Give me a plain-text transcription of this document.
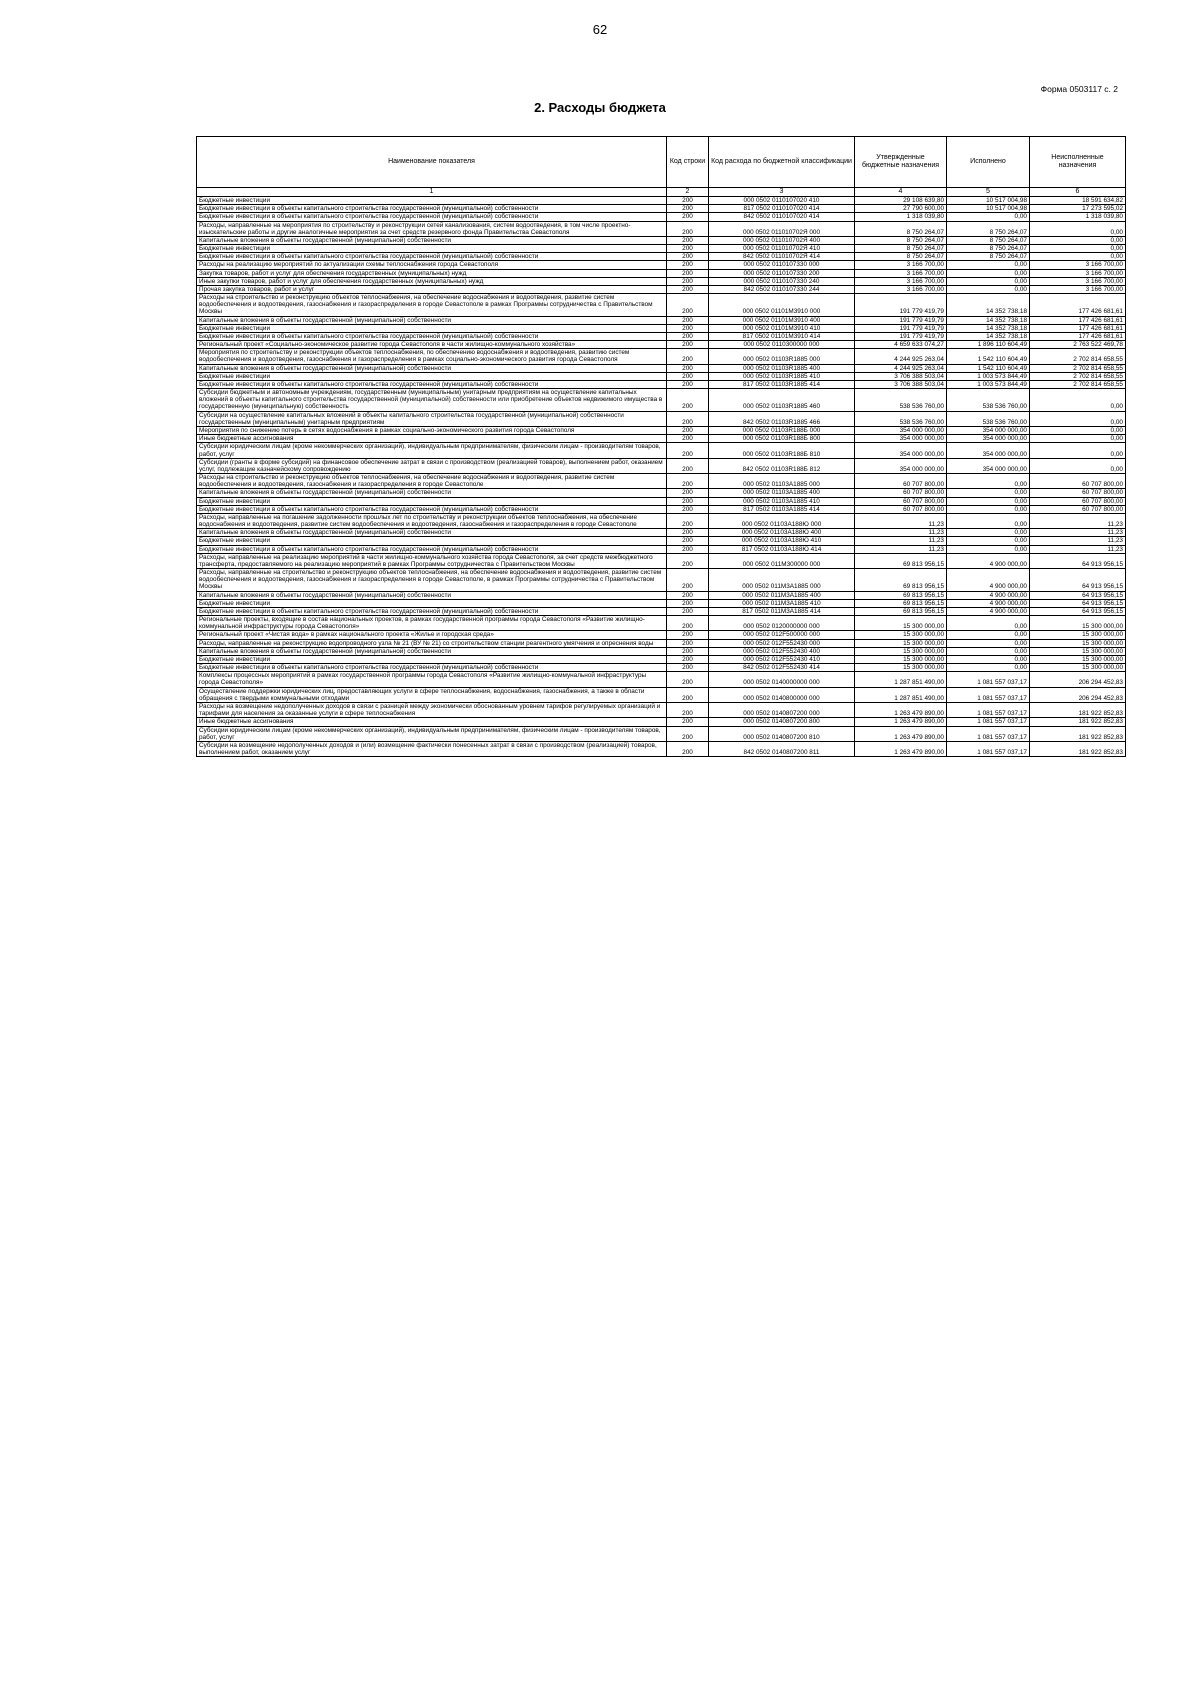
62
Форма 0503117 с. 2
2. Расходы бюджета
Наименование показателя	Код строки	Код расхода по бюджетной классификации	Утвержденные бюджетные назначения	Исполнено	Неисполненные назначения
1	2	3	4	5	6
Бюджетные инвестиции	200	000 0502 0110107020 410	29 108 639,80	10 517 004,98	18 591 634,82
Бюджетные инвестиции в объекты капитального строительства государственной (муниципальной) собственности	200	817 0502 0110107020 414	27 790 600,00	10 517 004,98	17 273 595,02
Бюджетные инвестиции в объекты капитального строительства государственной (муниципальной) собственности	200	842 0502 0110107020 414	1 318 039,80	0,00	1 318 039,80
Расходы, направленные на мероприятия по строительству и реконструкции сетей канализования, систем водоотведения, в том числе проектно-изыскательские работы и другие аналогичные мероприятия за счет средств резервного фонда Правительства Севастополя	200	000 0502 011010702Я 000	8 750 264,07	8 750 264,07	0,00
Капитальные вложения в объекты государственной (муниципальной) собственности	200	000 0502 011010702Я 400	8 750 264,07	8 750 264,07	0,00
Бюджетные инвестиции	200	000 0502 011010702Я 410	8 750 264,07	8 750 264,07	0,00
Бюджетные инвестиции в объекты капитального строительства государственной (муниципальной) собственности	200	842 0502 011010702Я 414	8 750 264,07	8 750 264,07	0,00
Расходы на реализацию мероприятий по актуализации схемы теплоснабжения города Севастополя	200	000 0502 0110107330 000	3 166 700,00	0,00	3 166 700,00
Закупка товаров, работ и услуг для обеспечения государственных (муниципальных) нужд	200	000 0502 0110107330 200	3 166 700,00	0,00	3 166 700,00
Иные закупки товаров, работ и услуг для обеспечения государственных (муниципальных) нужд	200	000 0502 0110107330 240	3 166 700,00	0,00	3 166 700,00
Прочая закупка товаров, работ и услуг	200	842 0502 0110107330 244	3 166 700,00	0,00	3 166 700,00
Расходы на строительство и реконструкцию объектов теплоснабжения, на обеспечение водоснабжения и водоотведения, развитие систем водообеспечения и водоотведения, газоснабжения и газораспределения в городе Севастополе в рамках Программы сотрудничества с Правительством Москвы	200	000 0502 01101М3910 000	191 779 419,79	14 352 738,18	177 426 681,61
Капитальные вложения в объекты государственной (муниципальной) собственности	200	000 0502 01101М3910 400	191 779 419,79	14 352 738,18	177 426 681,61
Бюджетные инвестиции	200	000 0502 01101М3910 410	191 779 419,79	14 352 738,18	177 426 681,61
Бюджетные инвестиции в объекты капитального строительства государственной (муниципальной) собственности	200	817 0502 01101М3910 414	191 779 419,79	14 352 738,18	177 426 681,61
Региональный проект «Социально-экономическое развитие города Севастополя в части жилищно-коммунального хозяйства»	200	000 0502 0110300000 000	4 659 633 074,27	1 896 110 604,49	2 763 522 469,78
Мероприятия по строительству и реконструкции объектов теплоснабжения, по обеспечению водоснабжения и водоотведения, развитию систем водообеспечения и водоотведения, газоснабжения и газораспределения в рамках социально-экономического развития города Севастополя	200	000 0502 01103R1885 000	4 244 925 263,04	1 542 110 604,49	2 702 814 658,55
Капитальные вложения в объекты государственной (муниципальной) собственности	200	000 0502 01103R1885 400	4 244 925 263,04	1 542 110 604,49	2 702 814 658,55
Бюджетные инвестиции	200	000 0502 01103R1885 410	3 706 388 503,04	1 003 573 844,49	2 702 814 658,55
Бюджетные инвестиции в объекты капитального строительства государственной (муниципальной) собственности	200	817 0502 01103R1885 414	3 706 388 503,04	1 003 573 844,49	2 702 814 658,55
Субсидии бюджетным и автономным учреждениям, государственным (муниципальным) унитарным предприятиям на осуществление капитальных вложений в объекты капитального строительства государственной (муниципальной) собственности или приобретение объектов недвижимого имущества в государственную (муниципальную) собственность	200	000 0502 01103R1885 460	538 536 760,00	538 536 760,00	0,00
Субсидии на осуществление капитальных вложений в объекты капитального строительства государственной (муниципальной) собственности государственным (муниципальным) унитарным предприятиям	200	842 0502 01103R1885 466	538 536 760,00	538 536 760,00	0,00
Мероприятия по снижению потерь в сетях водоснабжения в рамках социально-экономического развития города Севастополя	200	000 0502 01103R188Б 000	354 000 000,00	354 000 000,00	0,00
Иные бюджетные ассигнования	200	000 0502 01103R188Б 800	354 000 000,00	354 000 000,00	0,00
Субсидии юридическим лицам (кроме некоммерческих организаций), индивидуальным предпринимателям, физическим лицам - производителям товаров, работ, услуг	200	000 0502 01103R188Б 810	354 000 000,00	354 000 000,00	0,00
Субсидии (гранты в форме субсидий) на финансовое обеспечение затрат в связи с производством (реализацией товаров), выполнением работ, оказанием услуг, подлежащие казначейскому сопровождению	200	842 0502 01103R188Б 812	354 000 000,00	354 000 000,00	0,00
Расходы на строительство и реконструкцию объектов теплоснабжения, на обеспечение водоснабжения и водоотведения, развитие систем водообеспечения и водоотведения, газоснабжения и газораспределения в городе Севастополе	200	000 0502 01103A1885 000	60 707 800,00	0,00	60 707 800,00
Капитальные вложения в объекты государственной (муниципальной) собственности	200	000 0502 01103A1885 400	60 707 800,00	0,00	60 707 800,00
Бюджетные инвестиции	200	000 0502 01103A1885 410	60 707 800,00	0,00	60 707 800,00
Бюджетные инвестиции в объекты капитального строительства государственной (муниципальной) собственности	200	817 0502 01103A1885 414	60 707 800,00	0,00	60 707 800,00
Расходы, направленные на погашение задолженности прошлых лет по строительству и реконструкции объектов теплоснабжения, на обеспечение водоснабжения и водоотведения, развитие систем водообеспечения и водоотведения, газоснабжения и газораспределения в городе Севастополе	200	000 0502 01103A188Ю 000	11,23	0,00	11,23
Капитальные вложения в объекты государственной (муниципальной) собственности	200	000 0502 01103A188Ю 400	11,23	0,00	11,23
Бюджетные инвестиции	200	000 0502 01103A188Ю 410	11,23	0,00	11,23
Бюджетные инвестиции в объекты капитального строительства государственной (муниципальной) собственности	200	817 0502 01103A188Ю 414	11,23	0,00	11,23
Расходы, направленные на реализацию мероприятий в части жилищно-коммунального хозяйства города Севастополя, за счет средств межбюджетного трансферта, предоставляемого на реализацию мероприятий в рамках Программы сотрудничества с Правительством Москвы	200	000 0502 011М300000 000	69 813 956,15	4 900 000,00	64 913 956,15
Расходы, направленные на строительство и реконструкцию объектов теплоснабжения, на обеспечение водоснабжения и водоотведения, развитие систем водообеспечения и водоотведения, газоснабжения и газораспределения в городе Севастополе, в рамках Программы сотрудничества с Правительством Москвы	200	000 0502 011М3А1885 000	69 813 956,15	4 900 000,00	64 913 956,15
Капитальные вложения в объекты государственной (муниципальной) собственности	200	000 0502 011М3А1885 400	69 813 956,15	4 900 000,00	64 913 956,15
Бюджетные инвестиции	200	000 0502 011М3А1885 410	69 813 956,15	4 900 000,00	64 913 956,15
Бюджетные инвестиции в объекты капитального строительства государственной (муниципальной) собственности	200	817 0502 011М3А1885 414	69 813 956,15	4 900 000,00	64 913 956,15
Региональные проекты, входящие в состав национальных проектов, в рамках государственной программы города Севастополя «Развитие жилищно-коммунальной инфраструктуры города Севастополя»	200	000 0502 0120000000 000	15 300 000,00	0,00	15 300 000,00
Региональный проект «Чистая вода» в рамках национального проекта «Жилье и городская среда»	200	000 0502 012F500000 000	15 300 000,00	0,00	15 300 000,00
Расходы, направленные на реконструкцию водопроводного узла № 21 (ВУ № 21) со строительством станции реагентного умягчения и опреснения воды	200	000 0502 012F552430 000	15 300 000,00	0,00	15 300 000,00
Капитальные вложения в объекты государственной (муниципальной) собственности	200	000 0502 012F552430 400	15 300 000,00	0,00	15 300 000,00
Бюджетные инвестиции	200	000 0502 012F552430 410	15 300 000,00	0,00	15 300 000,00
Бюджетные инвестиции в объекты капитального строительства государственной (муниципальной) собственности	200	842 0502 012F552430 414	15 300 000,00	0,00	15 300 000,00
Комплексы процессных мероприятий в рамках государственной программы города Севастополя «Развитие жилищно-коммунальной инфраструктуры города Севастополя»	200	000 0502 0140000000 000	1 287 851 490,00	1 081 557 037,17	206 294 452,83
Осуществление поддержки юридических лиц, предоставляющих услуги в сфере теплоснабжения, водоснабжения, газоснабжения, а также в области обращения с твердыми коммунальными отходами	200	000 0502 0140800000 000	1 287 851 490,00	1 081 557 037,17	206 294 452,83
Расходы на возмещение недополученных доходов в связи с разницей между экономически обоснованным уровнем тарифов регулируемых организаций и тарифами для населения за оказанные услуги в сфере теплоснабжения	200	000 0502 0140807200 000	1 263 479 890,00	1 081 557 037,17	181 922 852,83
Иные бюджетные ассигнования	200	000 0502 0140807200 800	1 263 479 890,00	1 081 557 037,17	181 922 852,83
Субсидии юридическим лицам (кроме некоммерческих организаций), индивидуальным предпринимателям, физическим лицам - производителям товаров, работ, услуг	200	000 0502 0140807200 810	1 263 479 890,00	1 081 557 037,17	181 922 852,83
Субсидии на возмещение недополученных доходов и (или) возмещение фактически понесенных затрат в связи с производством (реализацией) товаров, выполнением работ, оказанием услуг	200	842 0502 0140807200 811	1 263 479 890,00	1 081 557 037,17	181 922 852,83
